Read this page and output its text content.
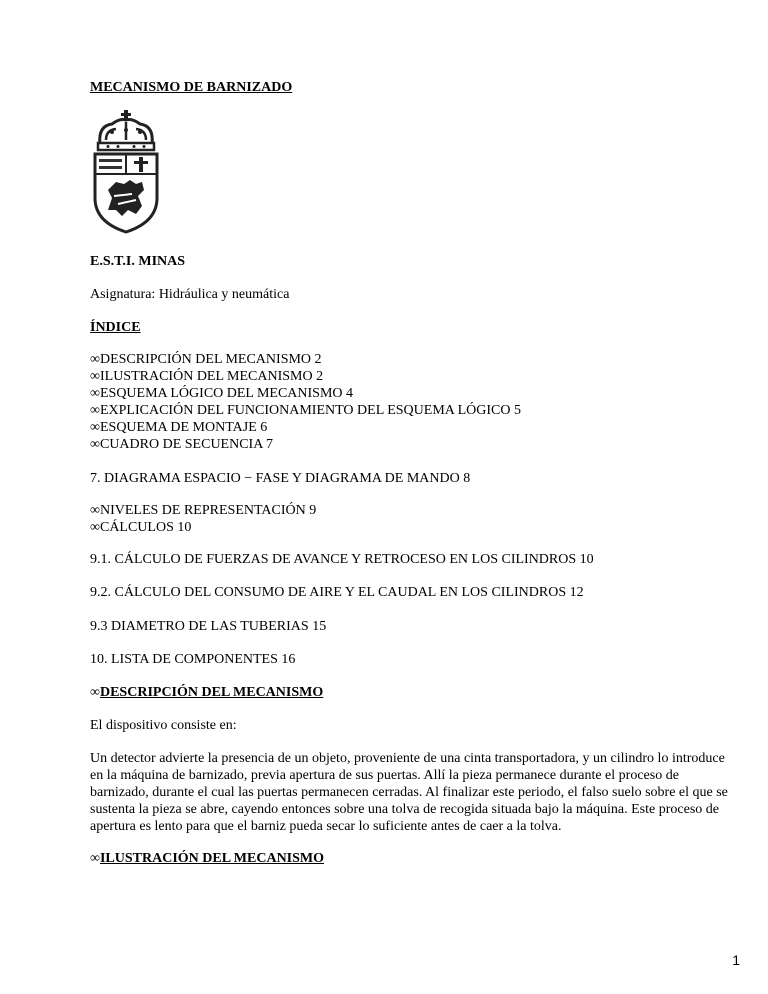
MECANISMO DE BARNIZADO
E.S.T.I. MINAS
Asignatura: Hidráulica y neumática
ÍNDICE
∞DESCRIPCIÓN DEL MECANISMO 2
∞ILUSTRACIÓN DEL MECANISMO 2
∞ESQUEMA LÓGICO DEL MECANISMO 4
∞EXPLICACIÓN DEL FUNCIONAMIENTO DEL ESQUEMA LÓGICO 5
∞ESQUEMA DE MONTAJE 6
∞CUADRO DE SECUENCIA 7
7. DIAGRAMA ESPACIO − FASE Y DIAGRAMA DE MANDO 8
∞NIVELES DE REPRESENTACIÓN 9
∞CÁLCULOS 10
9.1. CÁLCULO DE FUERZAS DE AVANCE Y RETROCESO EN LOS CILINDROS 10
9.2. CÁLCULO DEL CONSUMO DE AIRE Y EL CAUDAL EN LOS CILINDROS 12
9.3 DIAMETRO DE LAS TUBERIAS 15
10. LISTA DE COMPONENTES 16
∞DESCRIPCIÓN DEL MECANISMO
El dispositivo consiste en:
Un detector advierte la presencia de un objeto, proveniente de una cinta transportadora, y un cilindro lo introduce en la máquina de barnizado, previa apertura de sus puertas. Allí la pieza permanece durante el proceso de barnizado, durante el cual las puertas permanecen cerradas. Al finalizar este periodo, el falso suelo sobre el que se sustenta la pieza se abre, cayendo entonces sobre una tolva de recogida situada bajo la máquina. Este proceso de apertura es lento para que el barniz pueda secar lo suficiente antes de caer a la tolva.
∞ILUSTRACIÓN DEL MECANISMO
1
